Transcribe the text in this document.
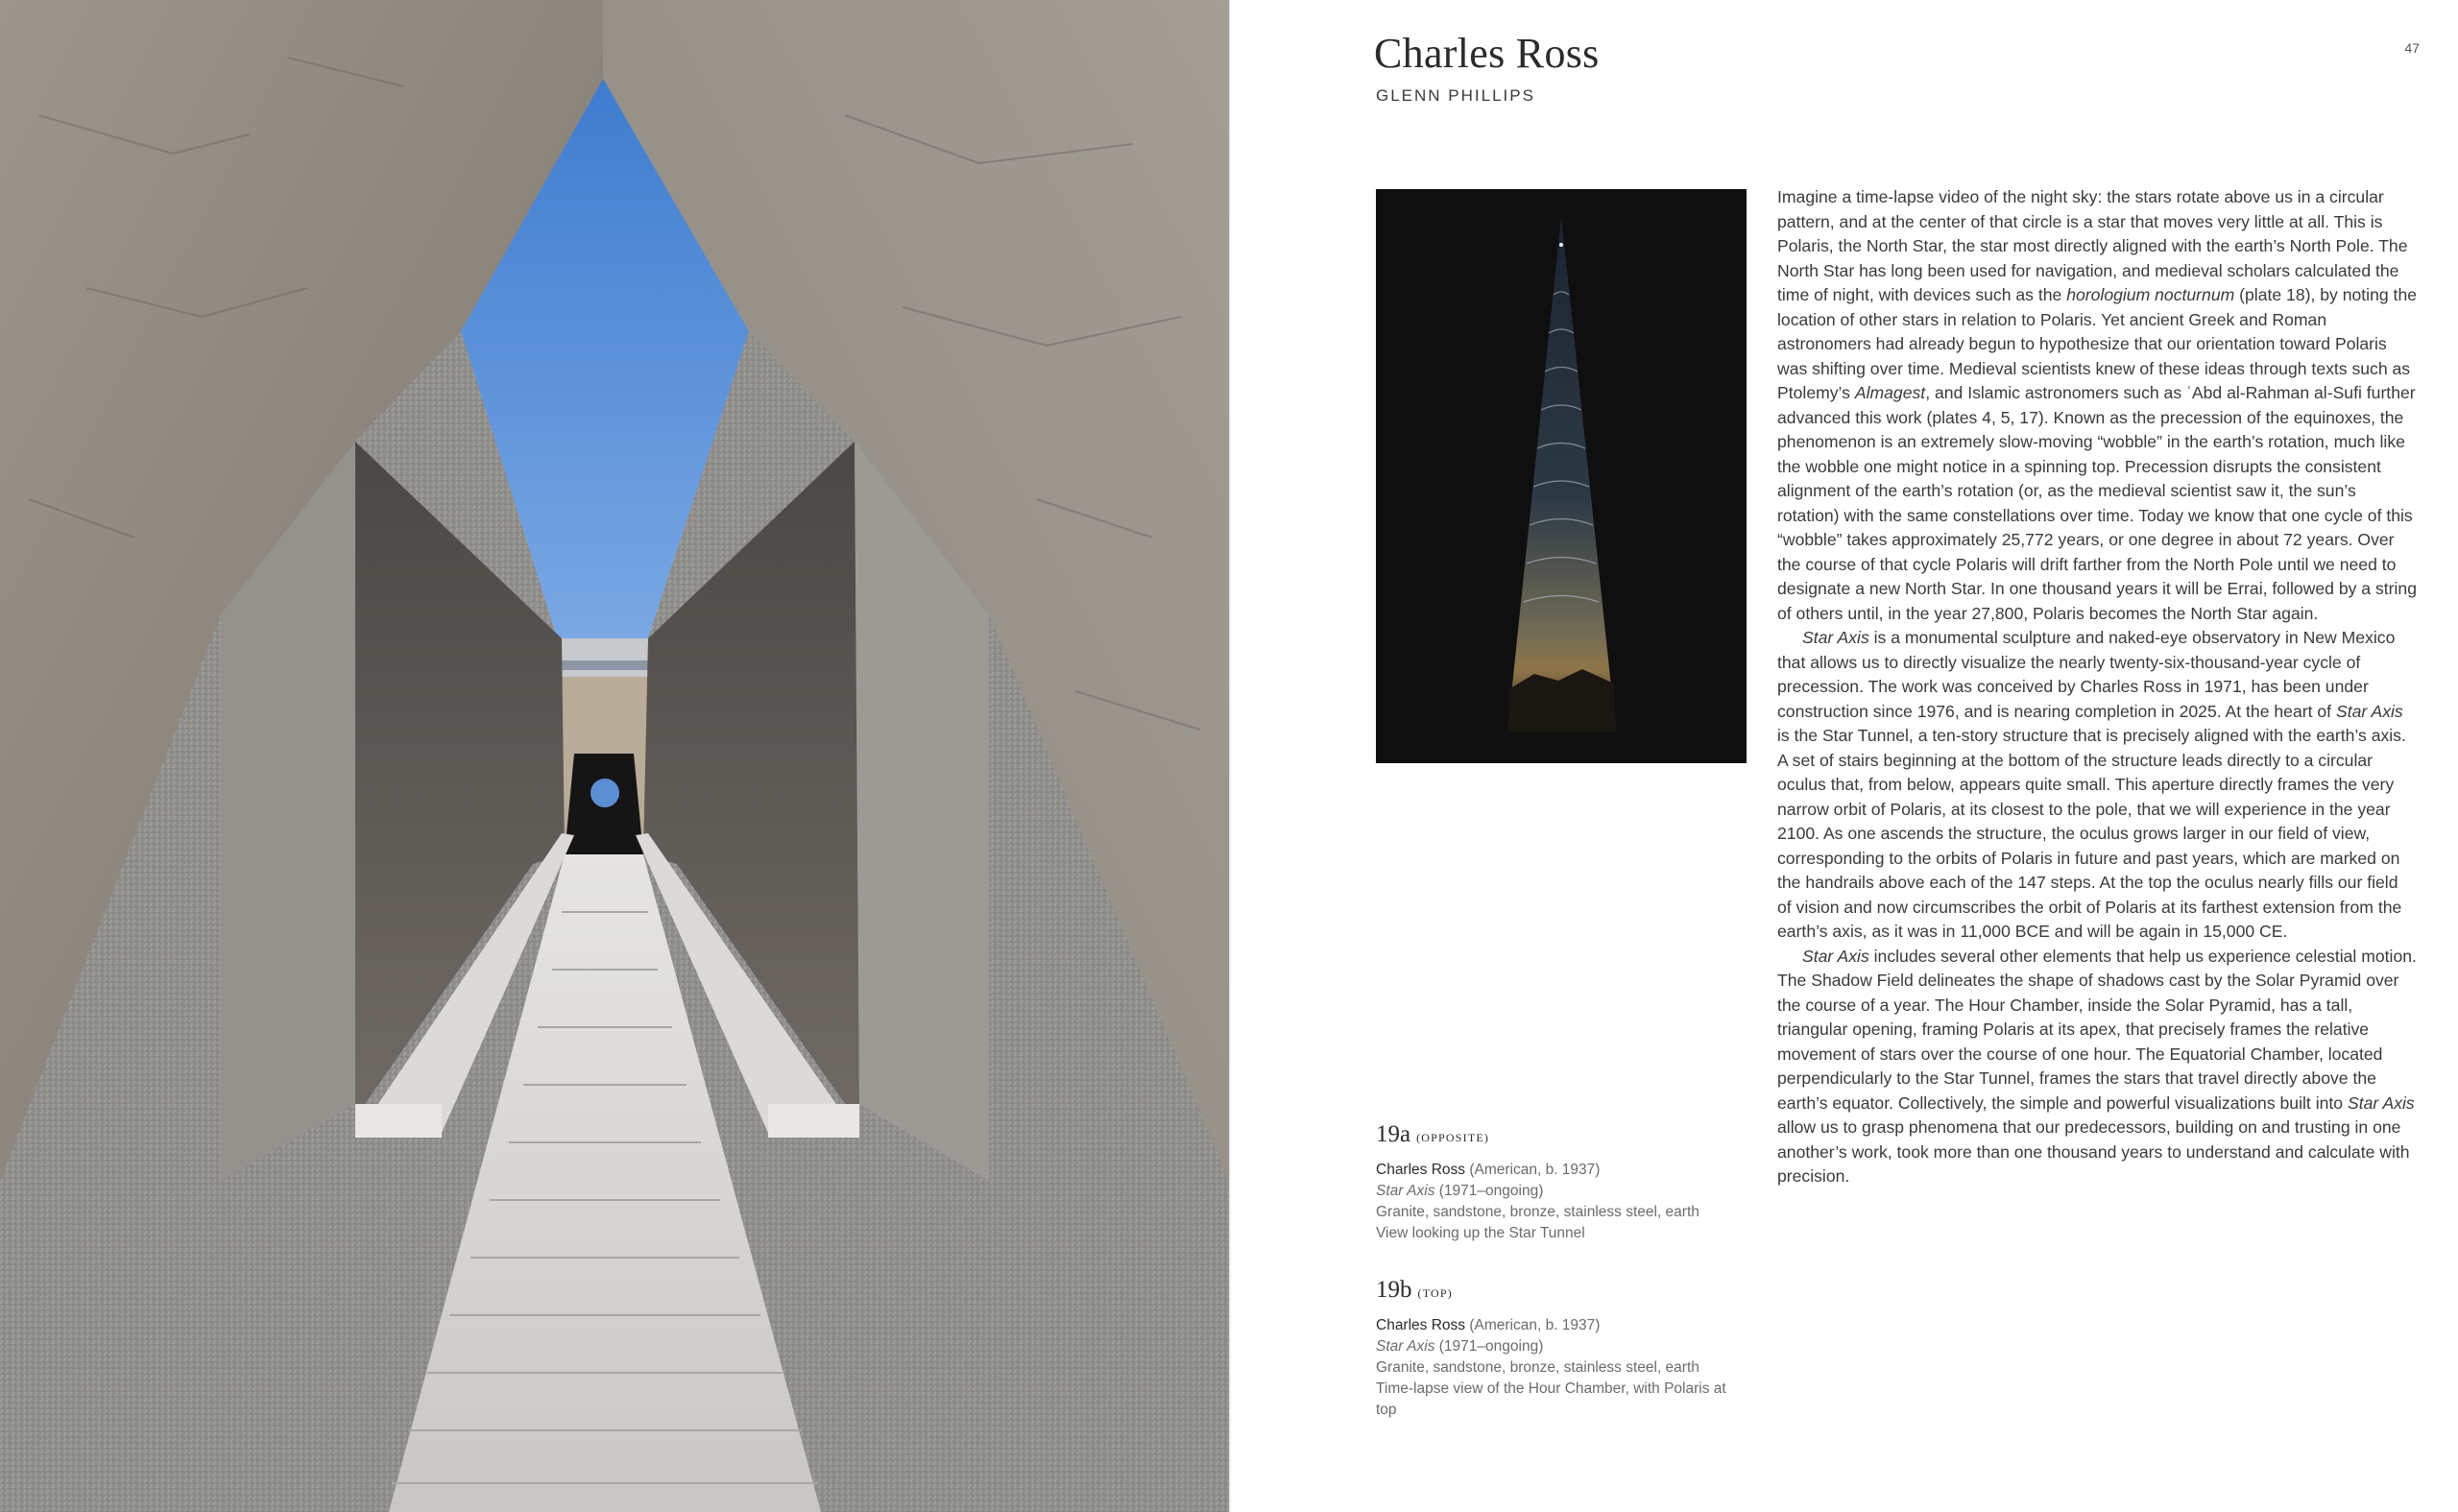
47
Charles Ross
GLENN PHILLIPS
19a (OPPOSITE)
Charles Ross (American, b. 1937)
Star Axis (1971–ongoing)
Granite, sandstone, bronze, stainless steel, earth
View looking up the Star Tunnel
19b (TOP)
Charles Ross (American, b. 1937)
Star Axis (1971–ongoing)
Granite, sandstone, bronze, stainless steel, earth
Time-lapse view of the Hour Chamber, with Polaris at top

Imagine a time-lapse video of the night sky: the stars rotate above us in a circular pattern, and at the center of that circle is a star that moves very little at all. This is Polaris, the North Star, the star most directly aligned with the earth’s North Pole. The North Star has long been used for navigation, and medieval scholars calculated the time of night, with devices such as the horologium nocturnum (plate 18), by noting the location of other stars in relation to Polaris. Yet ancient Greek and Roman astronomers had already begun to hypothesize that our orientation toward Polaris was shifting over time. Medieval scientists knew of these ideas through texts such as Ptolemy’s Almagest, and Islamic astronomers such as ʿAbd al-Rahman al-Sufi further advanced this work (plates 4, 5, 17). Known as the precession of the equinoxes, the phenomenon is an extremely slow-moving “wobble” in the earth’s rotation, much like the wobble one might notice in a spinning top. Precession disrupts the consistent alignment of the earth’s rotation (or, as the medieval scientist saw it, the sun’s rotation) with the same constellations over time. Today we know that one cycle of this “wobble” takes approximately 25,772 years, or one degree in about 72 years. Over the course of that cycle Polaris will drift farther from the North Pole until we need to designate a new North Star. In one thousand years it will be Errai, followed by a string of others until, in the year 27,800, Polaris becomes the North Star again.

Star Axis is a monumental sculpture and naked-eye observatory in New Mexico that allows us to directly visualize the nearly twenty-six-thousand-year cycle of precession. The work was conceived by Charles Ross in 1971, has been under construction since 1976, and is nearing completion in 2025. At the heart of Star Axis is the Star Tunnel, a ten-story structure that is precisely aligned with the earth’s axis. A set of stairs beginning at the bottom of the structure leads directly to a circular oculus that, from below, appears quite small. This aperture directly frames the very narrow orbit of Polaris, at its closest to the pole, that we will experience in the year 2100. As one ascends the structure, the oculus grows larger in our field of view, corresponding to the orbits of Polaris in future and past years, which are marked on the handrails above each of the 147 steps. At the top the oculus nearly fills our field of vision and now circumscribes the orbit of Polaris at its farthest extension from the earth’s axis, as it was in 11,000 BCE and will be again in 15,000 CE.

Star Axis includes several other elements that help us experience celestial motion. The Shadow Field delineates the shape of shadows cast by the Solar Pyramid over the course of a year. The Hour Chamber, inside the Solar Pyramid, has a tall, triangular opening, framing Polaris at its apex, that precisely frames the relative movement of stars over the course of one hour. The Equatorial Chamber, located perpendicularly to the Star Tunnel, frames the stars that travel directly above the earth’s equator. Collectively, the simple and powerful visualizations built into Star Axis allow us to grasp phenomena that our predecessors, building on and trusting in one another’s work, took more than one thousand years to understand and calculate with precision.
